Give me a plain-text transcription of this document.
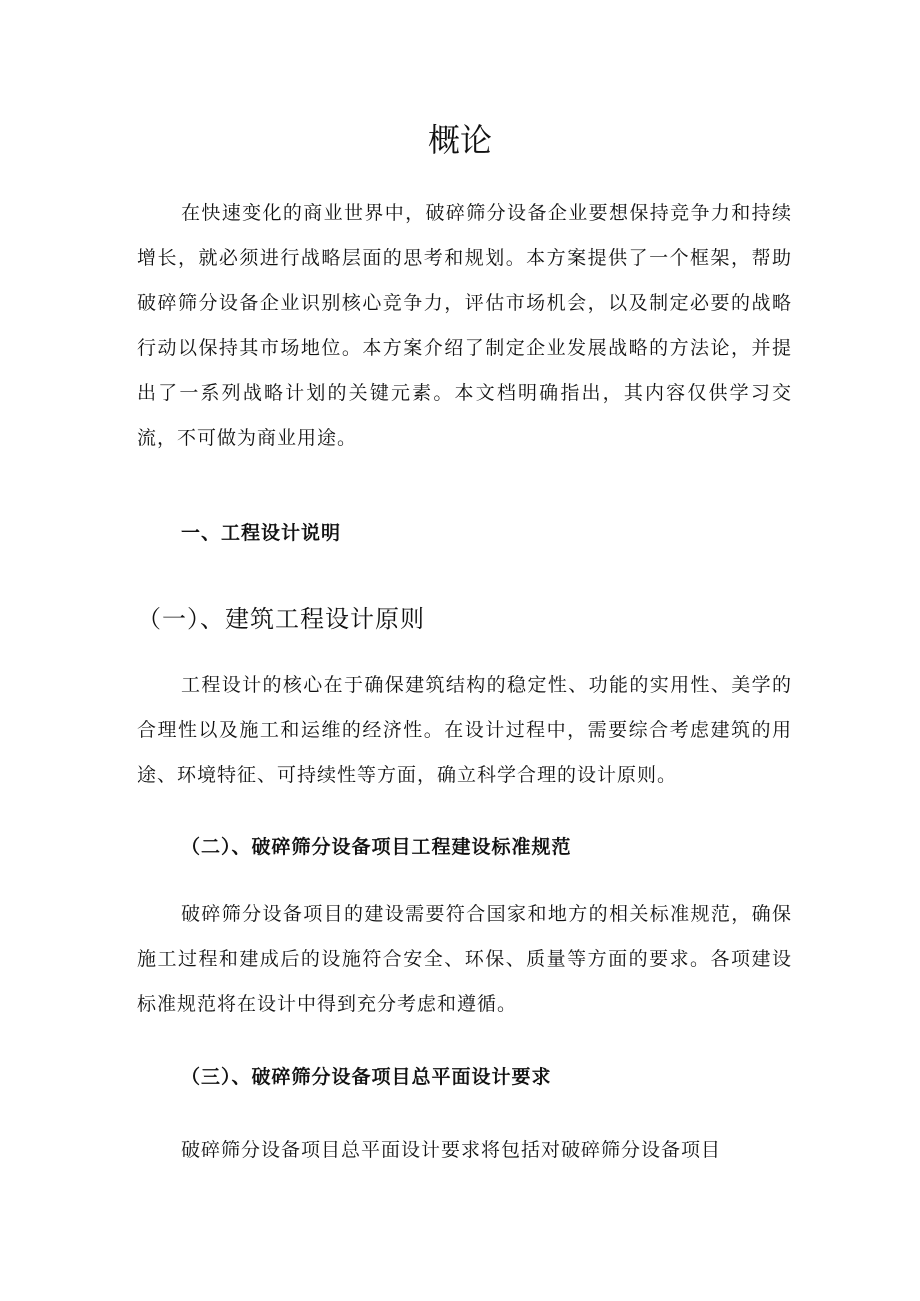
概论

在快速变化的商业世界中，破碎筛分设备企业要想保持竞争力和持续增长，就必须进行战略层面的思考和规划。本方案提供了一个框架，帮助破碎筛分设备企业识别核心竞争力，评估市场机会，以及制定必要的战略行动以保持其市场地位。本方案介绍了制定企业发展战略的方法论，并提出了一系列战略计划的关键元素。本文档明确指出，其内容仅供学习交流，不可做为商业用途。

一、工程设计说明
（一）、建筑工程设计原则

工程设计的核心在于确保建筑结构的稳定性、功能的实用性、美学的合理性以及施工和运维的经济性。在设计过程中，需要综合考虑建筑的用途、环境特征、可持续性等方面，确立科学合理的设计原则。

（二）、破碎筛分设备项目工程建设标准规范

破碎筛分设备项目的建设需要符合国家和地方的相关标准规范，确保施工过程和建成后的设施符合安全、环保、质量等方面的要求。各项建设标准规范将在设计中得到充分考虑和遵循。

（三）、破碎筛分设备项目总平面设计要求

破碎筛分设备项目总平面设计要求将包括对破碎筛分设备项目
